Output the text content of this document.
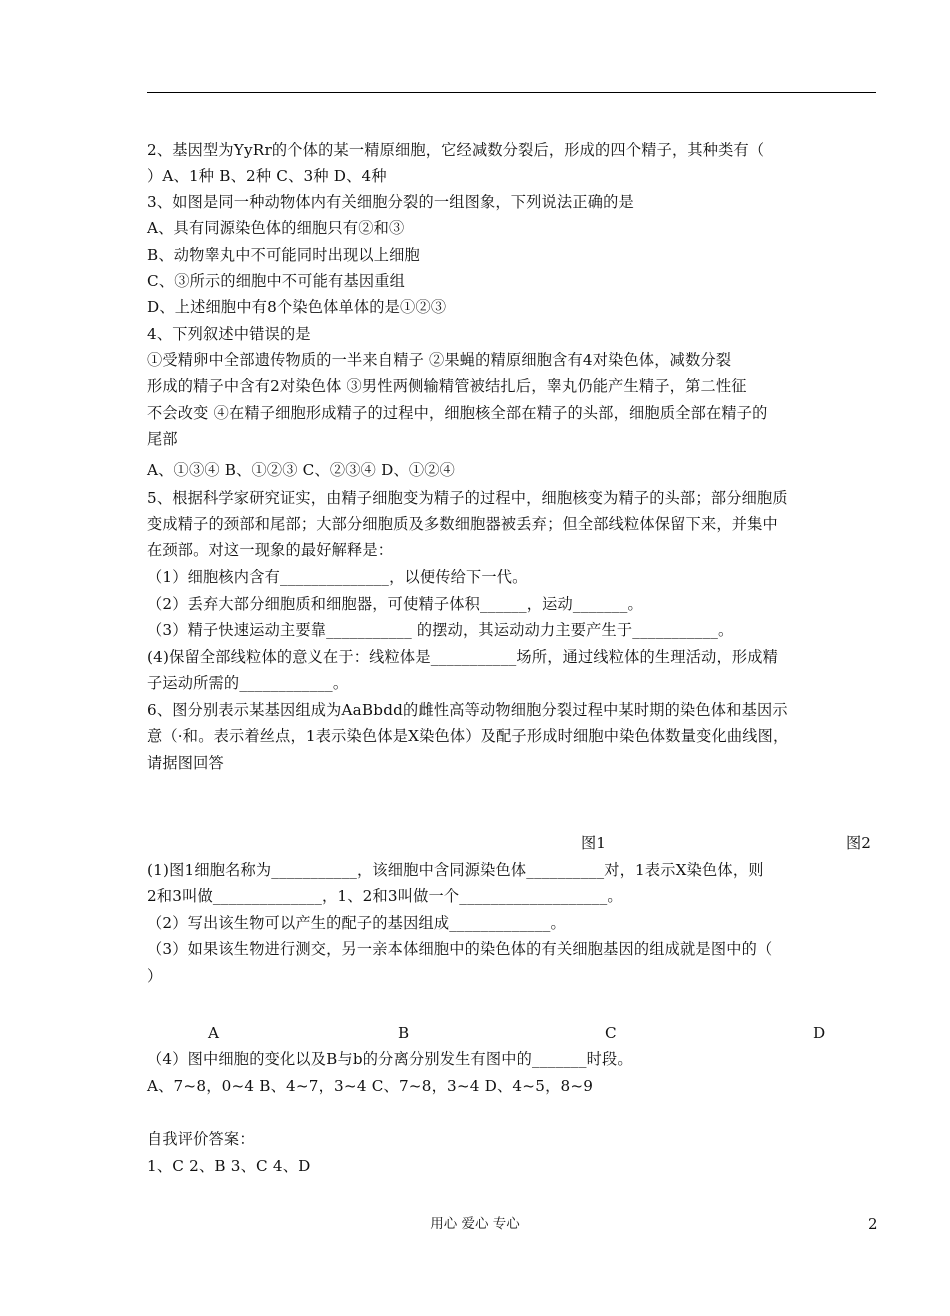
2、基因型为YyRr的个体的某一精原细胞，它经减数分裂后，形成的四个精子，其种类有（
）A、1种 B、2种 C、3种 D、4种
3、如图是同一种动物体内有关细胞分裂的一组图象，下列说法正确的是
A、具有同源染色体的细胞只有②和③
B、动物睾丸中不可能同时出现以上细胞
C、③所示的细胞中不可能有基因重组
D、上述细胞中有8个染色体单体的是①②③
4、下列叙述中错误的是
①受精卵中全部遗传物质的一半来自精子 ②果蝇的精原细胞含有4对染色体，减数分裂
形成的精子中含有2对染色体 ③男性两侧输精管被结扎后，睾丸仍能产生精子，第二性征
不会改变 ④在精子细胞形成精子的过程中，细胞核全部在精子的头部，细胞质全部在精子的
尾部
A、①③④ B、①②③ C、②③④ D、①②④
5、根据科学家研究证实，由精子细胞变为精子的过程中，细胞核变为精子的头部；部分细胞质
变成精子的颈部和尾部；大部分细胞质及多数细胞器被丢弃；但全部线粒体保留下来，并集中
在颈部。对这一现象的最好解释是：
（1）细胞核内含有______________，以便传给下一代。
（2）丢弃大部分细胞质和细胞器，可使精子体积______，运动_______。
（3）精子快速运动主要靠___________ 的摆动，其运动动力主要产生于___________。
(4)保留全部线粒体的意义在于：线粒体是___________场所，通过线粒体的生理活动，形成精
子运动所需的____________。
6、图分别表示某基因组成为AaBbdd的雌性高等动物细胞分裂过程中某时期的染色体和基因示
意（·和。表示着丝点，1表示染色体是X染色体）及配子形成时细胞中染色体数量变化曲线图，
请据图回答
图1	图2
(1)图1细胞名称为___________，该细胞中含同源染色体__________对，1表示X染色体，则
2和3叫做______________，1、2和3叫做一个___________________。
（2）写出该生物可以产生的配子的基因组成_____________。
（3）如果该生物进行测交，另一亲本体细胞中的染色体的有关细胞基因的组成就是图中的（
）
A	B	C	D
（4）图中细胞的变化以及B与b的分离分别发生有图中的_______时段。
A、7~8，0~4 B、4~7，3~4 C、7~8，3~4 D、4~5，8~9
自我评价答案：
1、C 2、B 3、C 4、D
用心 爱心 专心	2
